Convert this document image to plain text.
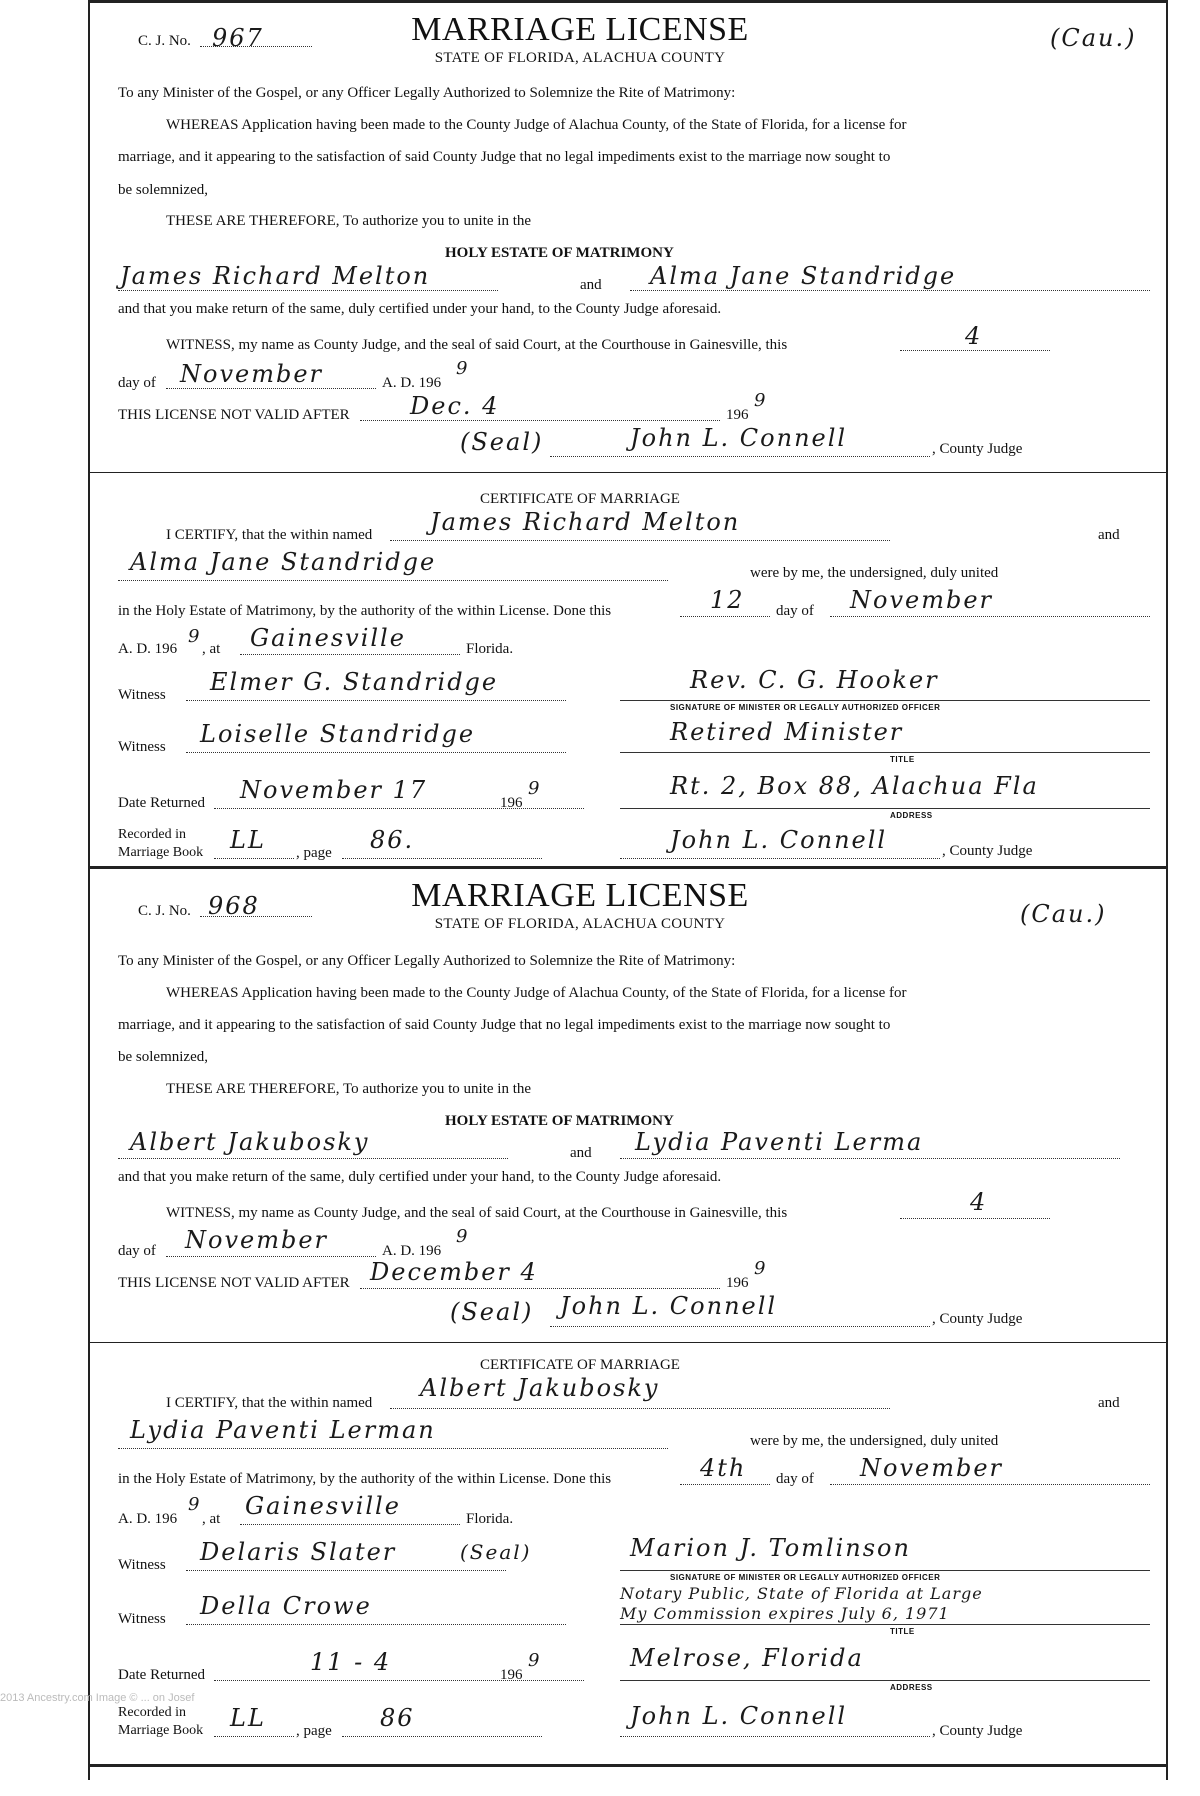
C. J. No. 967	MARRIAGE LICENSE
STATE OF FLORIDA, ALACHUA COUNTY
(Cau.)
To any Minister of the Gospel, or any Officer Legally Authorized to Solemnize the Rite of Matrimony:
WHEREAS Application having been made to the County Judge of Alachua County, of the State of Florida, for a license for
marriage, and it appearing to the satisfaction of said County Judge that no legal impediments exist to the marriage now sought to
be solemnized,
THESE ARE THEREFORE, To authorize you to unite in the
HOLY ESTATE OF MATRIMONY
James Richard Melton	and Alma Jane Standridge
and that you make return of the same, duly certified under your hand, to the County Judge aforesaid.
WITNESS, my name as County Judge, and the seal of said Court, at the Courthouse in Gainesville, this	4
day of November	A. D. 196
9
THIS LICENSE NOT VALID AFTER	Dec. 4	196
9
(Seal)	John L. Connell	, County Judge
CERTIFICATE OF MARRIAGE
I CERTIFY, that the within named James Richard Melton	and
Alma Jane Standridge	were by me, the undersigned, duly united
in the Holy Estate of Matrimony, by the authority of the within License. Done this	12 day of November
A. D. 196
9
, at Gainesville	Florida.
Witness Elmer G. Standridge	Rev. C. G. Hooker
SIGNATURE OF MINISTER OR LEGALLY AUTHORIZED OFFICER
Witness Loiselle Standridge	Retired Minister
TITLE
Date Returned November 17	196
9	Rt. 2, Box 88, Alachua Fla
ADDRESS
Recorded in
Marriage Book LL , page 86.	John L. Connell	, County Judge
C. J. No. 968	MARRIAGE LICENSE
STATE OF FLORIDA, ALACHUA COUNTY	(Cau.)
To any Minister of the Gospel, or any Officer Legally Authorized to Solemnize the Rite of Matrimony:
WHEREAS Application having been made to the County Judge of Alachua County, of the State of Florida, for a license for
marriage, and it appearing to the satisfaction of said County Judge that no legal impediments exist to the marriage now sought to
be solemnized,
THESE ARE THEREFORE, To authorize you to unite in the
HOLY ESTATE OF MATRIMONY
Albert Jakubosky	and Lydia Paventi Lerma
and that you make return of the same, duly certified under your hand, to the County Judge aforesaid.
WITNESS, my name as County Judge, and the seal of said Court, at the Courthouse in Gainesville, this	4
day of November	A. D. 196
9
THIS LICENSE NOT VALID AFTER December 4	196
9
(Seal) John L. Connell	, County Judge
CERTIFICATE OF MARRIAGE
I CERTIFY, that the within named
Albert Jakubosky
and
Lydia Paventi Lerman	were by me, the undersigned, duly united
in the Holy Estate of Matrimony, by the authority of the within License. Done this	4th day of November
A. D. 196
9
, at Gainesville	Florida.
Witness Delaris Slater	(Seal)	Marion J. Tomlinson
SIGNATURE OF MINISTER OR LEGALLY AUTHORIZED OFFICER
Witness Della Crowe	Notary Public, State of Florida at Large
My Commission expires July 6, 1971
TITLE
Date Returned	11 - 4	196
9	Melrose, Florida
ADDRESS
Recorded in
Marriage Book LL , page 86	John L. Connell
, County Judge
2013 Ancestry.com Image © ... on Josef
